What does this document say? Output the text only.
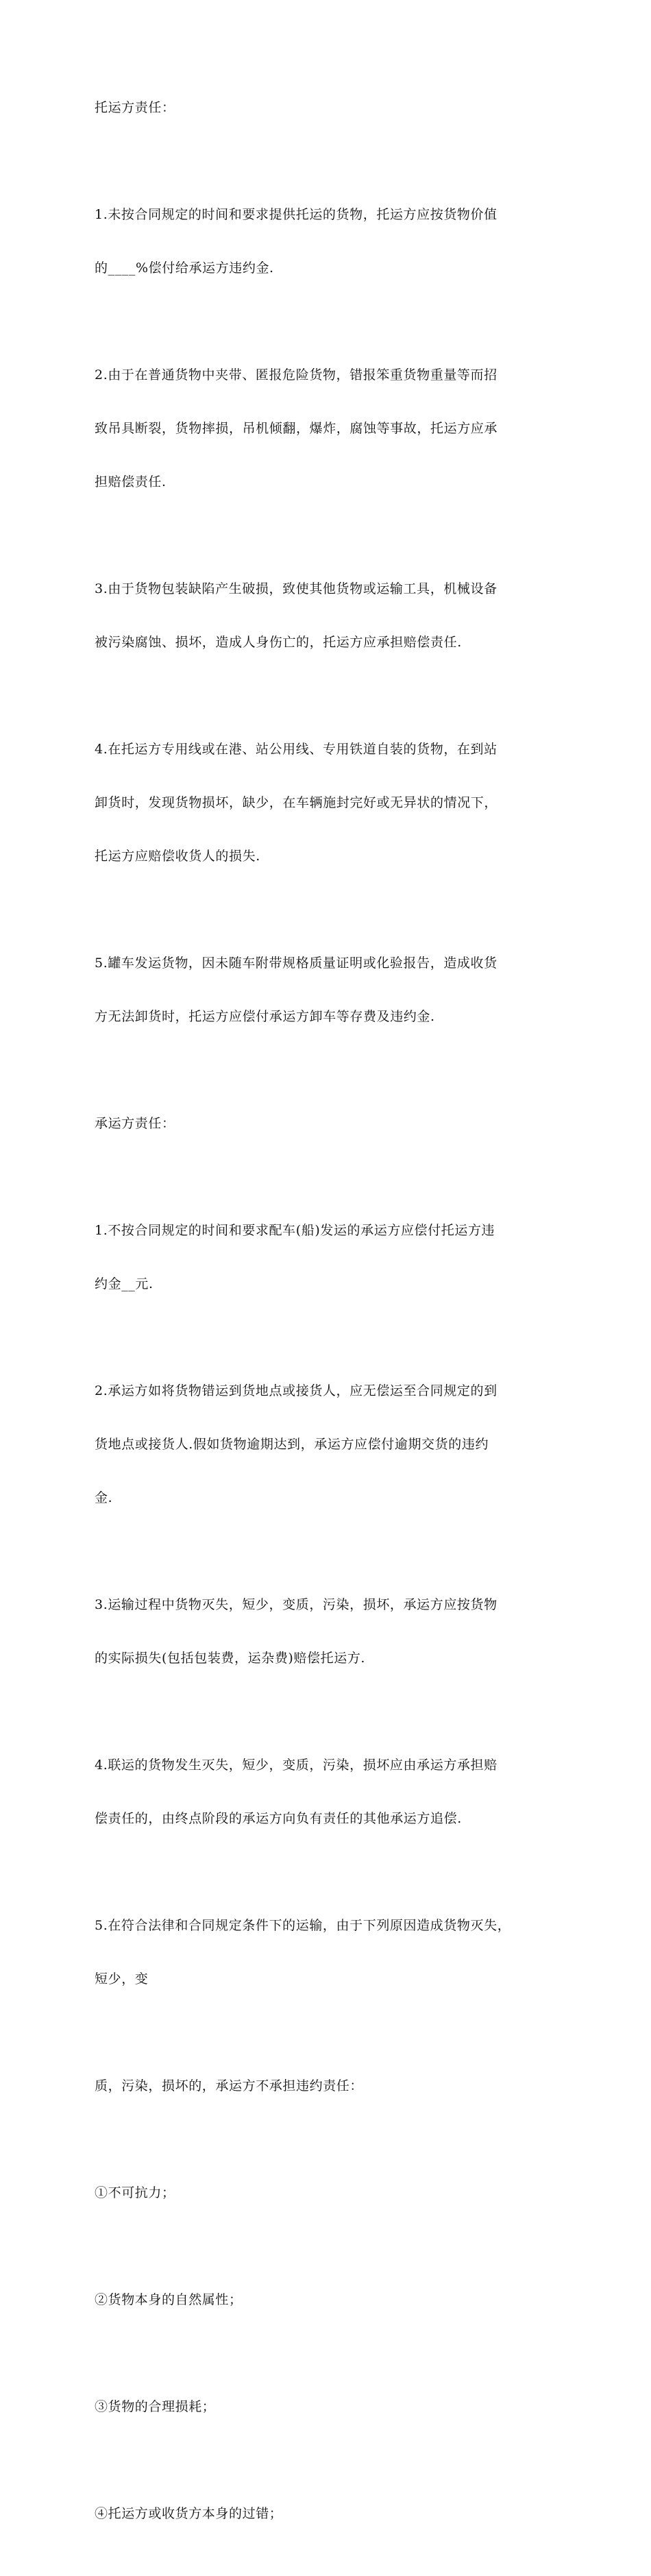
托运方责任：

1.未按合同规定的时间和要求提供托运的货物，托运方应按货物价值

的____%偿付给承运方违约金.

2.由于在普通货物中夹带、匿报危险货物，错报笨重货物重量等而招

致吊具断裂，货物摔损，吊机倾翻，爆炸，腐蚀等事故，托运方应承

担赔偿责任.

3.由于货物包装缺陷产生破损，致使其他货物或运输工具，机械设备

被污染腐蚀、损坏，造成人身伤亡的，托运方应承担赔偿责任.

4.在托运方专用线或在港、站公用线、专用铁道自装的货物，在到站

卸货时，发现货物损坏，缺少，在车辆施封完好或无异状的情况下，

托运方应赔偿收货人的损失.

5.罐车发运货物，因未随车附带规格质量证明或化验报告，造成收货

方无法卸货时，托运方应偿付承运方卸车等存费及违约金.

承运方责任：

1.不按合同规定的时间和要求配车(船)发运的承运方应偿付托运方违

约金__元.

2.承运方如将货物错运到货地点或接货人，应无偿运至合同规定的到

货地点或接货人.假如货物逾期达到，承运方应偿付逾期交货的违约

金.

3.运输过程中货物灭失，短少，变质，污染，损坏，承运方应按货物

的实际损失(包括包装费，运杂费)赔偿托运方.

4.联运的货物发生灭失，短少，变质，污染，损坏应由承运方承担赔

偿责任的，由终点阶段的承运方向负有责任的其他承运方追偿.

5.在符合法律和合同规定条件下的运输，由于下列原因造成货物灭失，

短少，变

质，污染，损坏的，承运方不承担违约责任：

①不可抗力；

②货物本身的自然属性；

③货物的合理损耗；

④托运方或收货方本身的过错；
